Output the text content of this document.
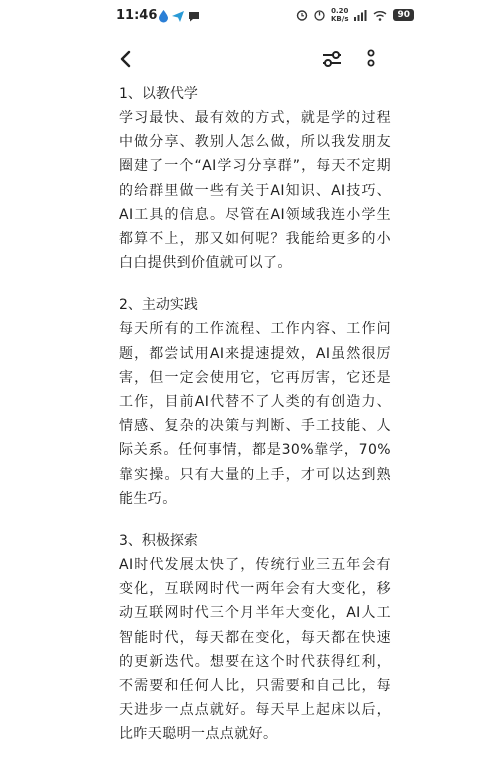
11:46	0.20
KB/s	90
1、以教代学
学习最快、最有效的方式，就是学的过程中做分享、教别人怎么做，所以我发朋友圈建了一个“AI学习分享群”，每天不定期的给群里做一些有关于AI知识、AI技巧、AI工具的信息。尽管在AI领域我连小学生都算不上，那又如何呢？我能给更多的小白白提供到价值就可以了。
2、主动实践
每天所有的工作流程、工作内容、工作问题，都尝试用AI来提速提效，AI虽然很厉害，但一定会使用它，它再厉害，它还是工作，目前AI代替不了人类的有创造力、情感、复杂的决策与判断、手工技能、人际关系。任何事情，都是30%靠学，70%靠实操。只有大量的上手，才可以达到熟能生巧。
3、积极探索
AI时代发展太快了，传统行业三五年会有变化，互联网时代一两年会有大变化，移动互联网时代三个月半年大变化，AI人工智能时代，每天都在变化，每天都在快速的更新迭代。想要在这个时代获得红利，不需要和任何人比，只需要和自己比，每天进步一点点就好。每天早上起床以后，比昨天聪明一点点就好。
